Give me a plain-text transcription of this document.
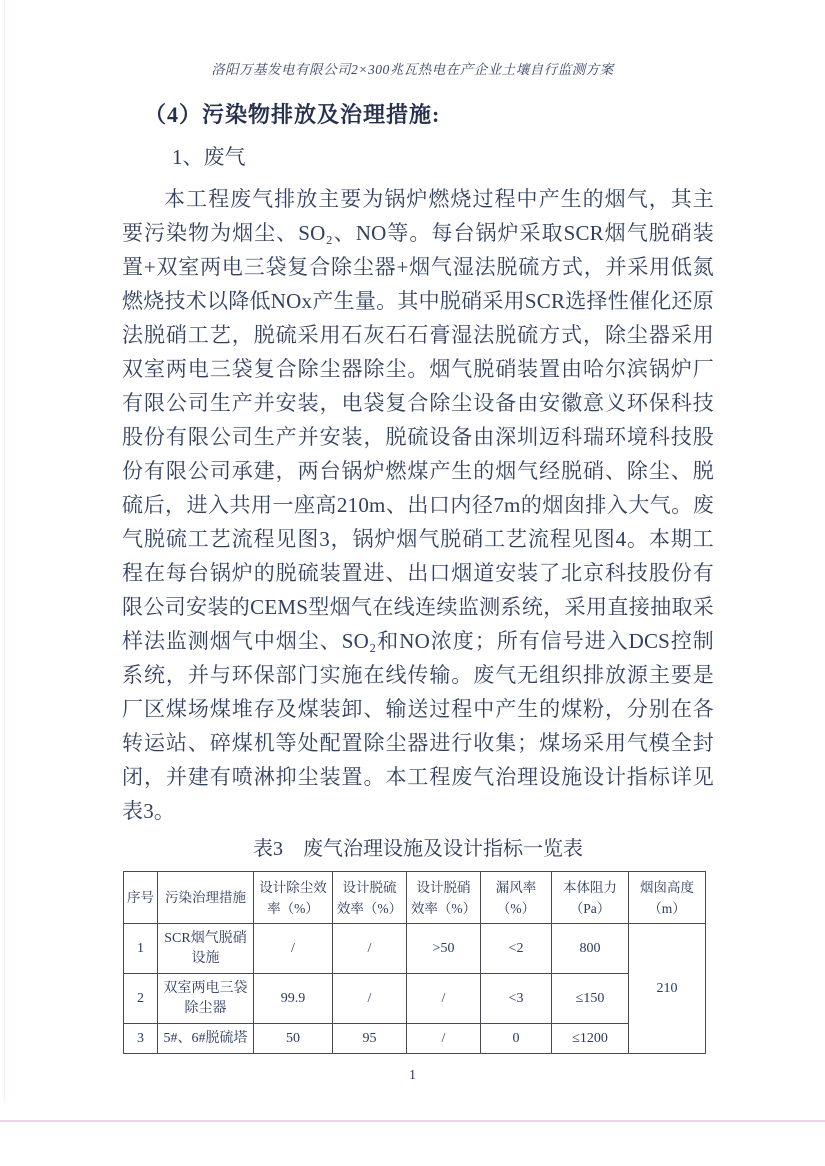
洛阳万基发电有限公司2×300兆瓦热电在产企业土壤自行监测方案
（4）污染物排放及治理措施:
1、废气
本工程废气排放主要为锅炉燃烧过程中产生的烟气，其主要污染物为烟尘、SO₂、NO等。每台锅炉采取SCR烟气脱硝装置+双室两电三袋复合除尘器+烟气湿法脱硫方式，并采用低氮燃烧技术以降低NOx产生量。其中脱硝采用SCR选择性催化还原法脱硝工艺，脱硫采用石灰石石膏湿法脱硫方式，除尘器采用双室两电三袋复合除尘器除尘。烟气脱硝装置由哈尔滨锅炉厂有限公司生产并安装，电袋复合除尘设备由安徽意义环保科技股份有限公司生产并安装，脱硫设备由深圳迈科瑞环境科技股份有限公司承建，两台锅炉燃煤产生的烟气经脱硝、除尘、脱硫后，进入共用一座高210m、出口内径7m的烟囱排入大气。废气脱硫工艺流程见图3，锅炉烟气脱硝工艺流程见图4。本期工程在每台锅炉的脱硫装置进、出口烟道安装了北京科技股份有限公司安装的CEMS型烟气在线连续监测系统，采用直接抽取采样法监测烟气中烟尘、SO₂和NO浓度；所有信号进入DCS控制系统，并与环保部门实施在线传输。废气无组织排放源主要是厂区煤场煤堆存及煤装卸、输送过程中产生的煤粉，分别在各转运站、碎煤机等处配置除尘器进行收集；煤场采用气模全封闭，并建有喷淋抑尘装置。本工程废气治理设施设计指标详见表3。
表3　废气治理设施及设计指标一览表
序号	污染治理措施	设计除尘效率（%）	设计脱硫效率（%）	设计脱硝效率（%）	漏风率（%）	本体阻力（Pa）	烟囱高度（m）
1	SCR烟气脱硝设施	/	/	>50	<2	800	210
2	双室两电三袋除尘器	99.9	/	/	<3	≤150	
3	5#、6#脱硫塔	50	95	/	0	≤1200	
1
